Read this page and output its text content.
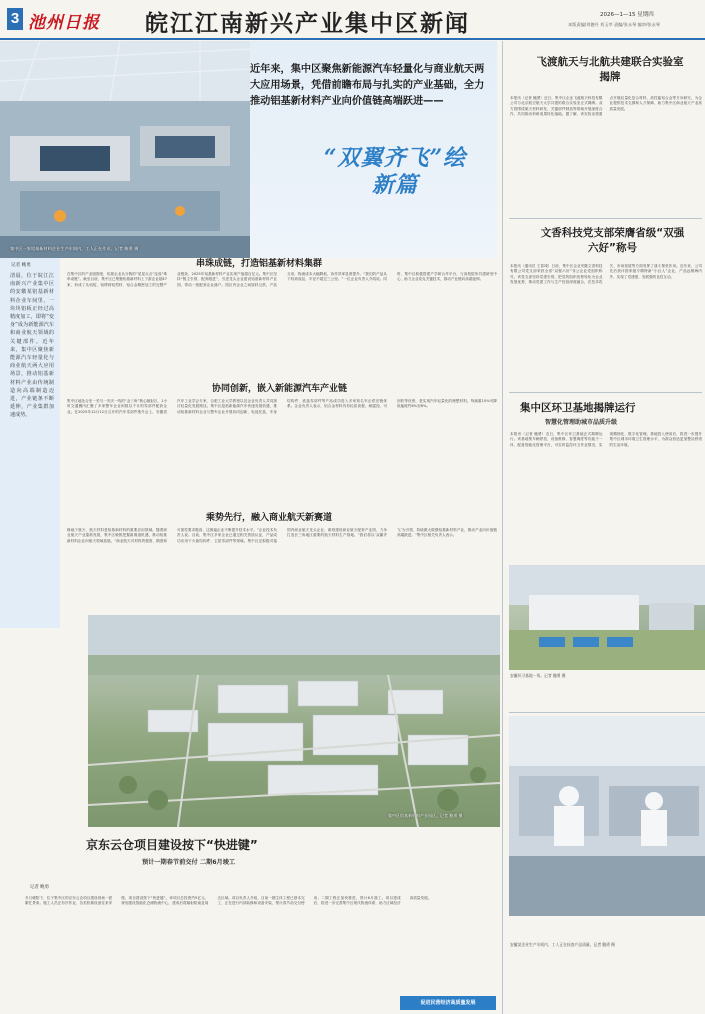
3 池州日报 皖江江南新兴产业集中区新闻	2026—1—15 星期四
本版责编/刘德丹 刘玉莘 责编/张永琴 编审/张永琴
近年来，集中区聚焦新能源汽车轻量化与商业航天两大应用场景，凭借前瞻布局与扎实的产业基础，全力推动铝基新材料产业向价值链高端跃进——
“双翼齐飞”绘新篇
集中区一家铝基新材料企业生产车间内，工人正在作业。记者 鲍勇 摄
记者 鲍勇
清晨，位于皖江江南新兴产业集中区的安徽某铝基新材料企业车间里，一块块铝板正经过高精度加工，即将“变身”成为新能源汽车和商业航天领域的关键部件。近年来，集中区聚焦新能源汽车轻量化与商业航天两大应用场景，推动铝基新材料产业由传统制造向高端制造迈进，产业链条不断延伸，产业集群加速成势。
串珠成链，打造铝基新材料集群
在集中区的产业版图里，铝基企业从分散的“星星点点”连成“珠串成链”。截至目前，集中区已集聚铝基新材料上下游企业超47家，形成了从铝锭、铝棒到铝型材、铝合金精密加工的完整产业链条，2025年铝基新材料产业实现产值超百亿元。集中区坚持“链主引领、配套跟进”，引进龙头企业建设铝基新材料产业园，带动一批配套企业落户。园区内企业之间原料互供、产品互用，物流成本大幅降低，协作效率显著提升。“我们的产品从下料到成品，半径不超过三公里。”一位企业负责人介绍说。同时，集中区积极搭建产学研合作平台，与高校院所共建研发中心，助力企业攻克关键技术，推动产业链向高端延伸。
协同创新，嵌入新能源汽车产业链
集中区地处合芜一芜马一安庆一线的“金三角”核心辐射区，1小时交通圈内汇聚了多家整车企业和数以千计的零部件配套企业。在2025年12月12日召开的汽车零部件推介会上，安徽省汽车工业学会专家、合肥工业大学教授以及企业负责人共同探讨轻量化发展路径。集中区抢抓新能源汽车快速发展机遇，推动铝基新材料企业与整车企业开展协同创新，电池托盘、车身结构件、底盘零部件等产品成功进入多家知名车企供应链体系。企业负责人表示，铝合金材料具有轻质高强、耐腐蚀、可回收等优势，是实现汽车轻量化的理想材料，每减重10%可降低能耗约6%至8%。
乘势先行，融入商业航天新赛道
缘地于航天、航天材料是铝基新材料的重要应用领域。随着商业航天产业蓬勃发展，集中区敏锐把握新赛道机遇，推动铝基新材料企业向航天领域拓展。“商业航天对材料的强度、精度和可靠性要求极高，这倒逼企业不断提升技术水平。”企业技术负责人说。目前，集中区多家企业已通过相关资质认证，产品成功应用于火箭结构件、卫星零部件等领域。集中区还积极对接国内商业航天龙头企业，谋划建设商业航天配套产业园，力争打造长三角地区重要的航天材料生产基地。“我们将以‘双翼齐飞’为引领，持续做大做强铝基新材料产业，推动产业向价值链高端跃进。”集中区相关负责人表示。
集中区铝基新材料产业园区。记者 鲍勇 摄
京东云仓项目建设按下“快进键”
预计一期春节前交付 二期6月竣工
记者 鲍勇
冬日暖阳下，位于集中区的京东云仓项目建设现场一派繁忙景象。施工人员正有序作业，各类机械设备往来穿梭，项目建设按下“快进键”。该项目总投资约5亿元，规划建设智能化仓储物流中心，建成后将辐射皖南及周边区域。项目负责人介绍，目前一期主体工程已基本完工，正在进行内部装修和设备安装，预计春节前交付使用；二期工程正加快推进，预计6月竣工。项目建成后，将进一步完善集中区现代物流体系，助力区域经济高质量发展。
飞渡航天与北航共建联合实验室揭牌
本报讯（记者 鲍勇）近日，集中区企业飞渡航天科技有限公司与北京航空航天大学共建的联合实验室正式揭牌。双方将围绕航天材料研发、关键部件制造等领域开展深度合作，共同推动科研成果转化落地。据了解，该实验室将重点开展轻量化复合材料、高性能铝合金等方向研究，为企业提供技术支撑和人才保障，助力集中区商业航天产业高质量发展。
文香科技党支部荣膺省级“双强六好”称号
本报讯（通讯员 王春城）日前，集中区企业安徽文香科技有限公司党支部荣获全省“双强六好”非公企业党组织称号。该党支部坚持党建引领，把党的组织优势转化为企业发展优势，推动党建工作与生产经营深度融合，在技术攻关、市场拓展等方面发挥了战斗堡垒作用。近年来，公司先后获评国家级专精特新“小巨人”企业，产品远销海内外，实现了党建强、发展强的良性互动。
集中区环卫基地揭牌运行
智慧化管理助城市品质升级
本报讯（记者 鲍勇）近日，集中区环卫基地正式揭牌运行。该基地集车辆停放、设备维修、智慧调度等功能于一体，配备智能化管理平台，可实时监控环卫作业情况，实现精细化、数字化管理。基地投入使用后，将进一步提升集中区城市环境卫生管理水平，为群众营造更加整洁舒适的生活环境。
安徽环卫基地一角。记者 鲍勇 摄
安徽某企业生产车间内，工人正在检查产品质量。记者 鲍勇 摄
促进民营经济高质量发展
